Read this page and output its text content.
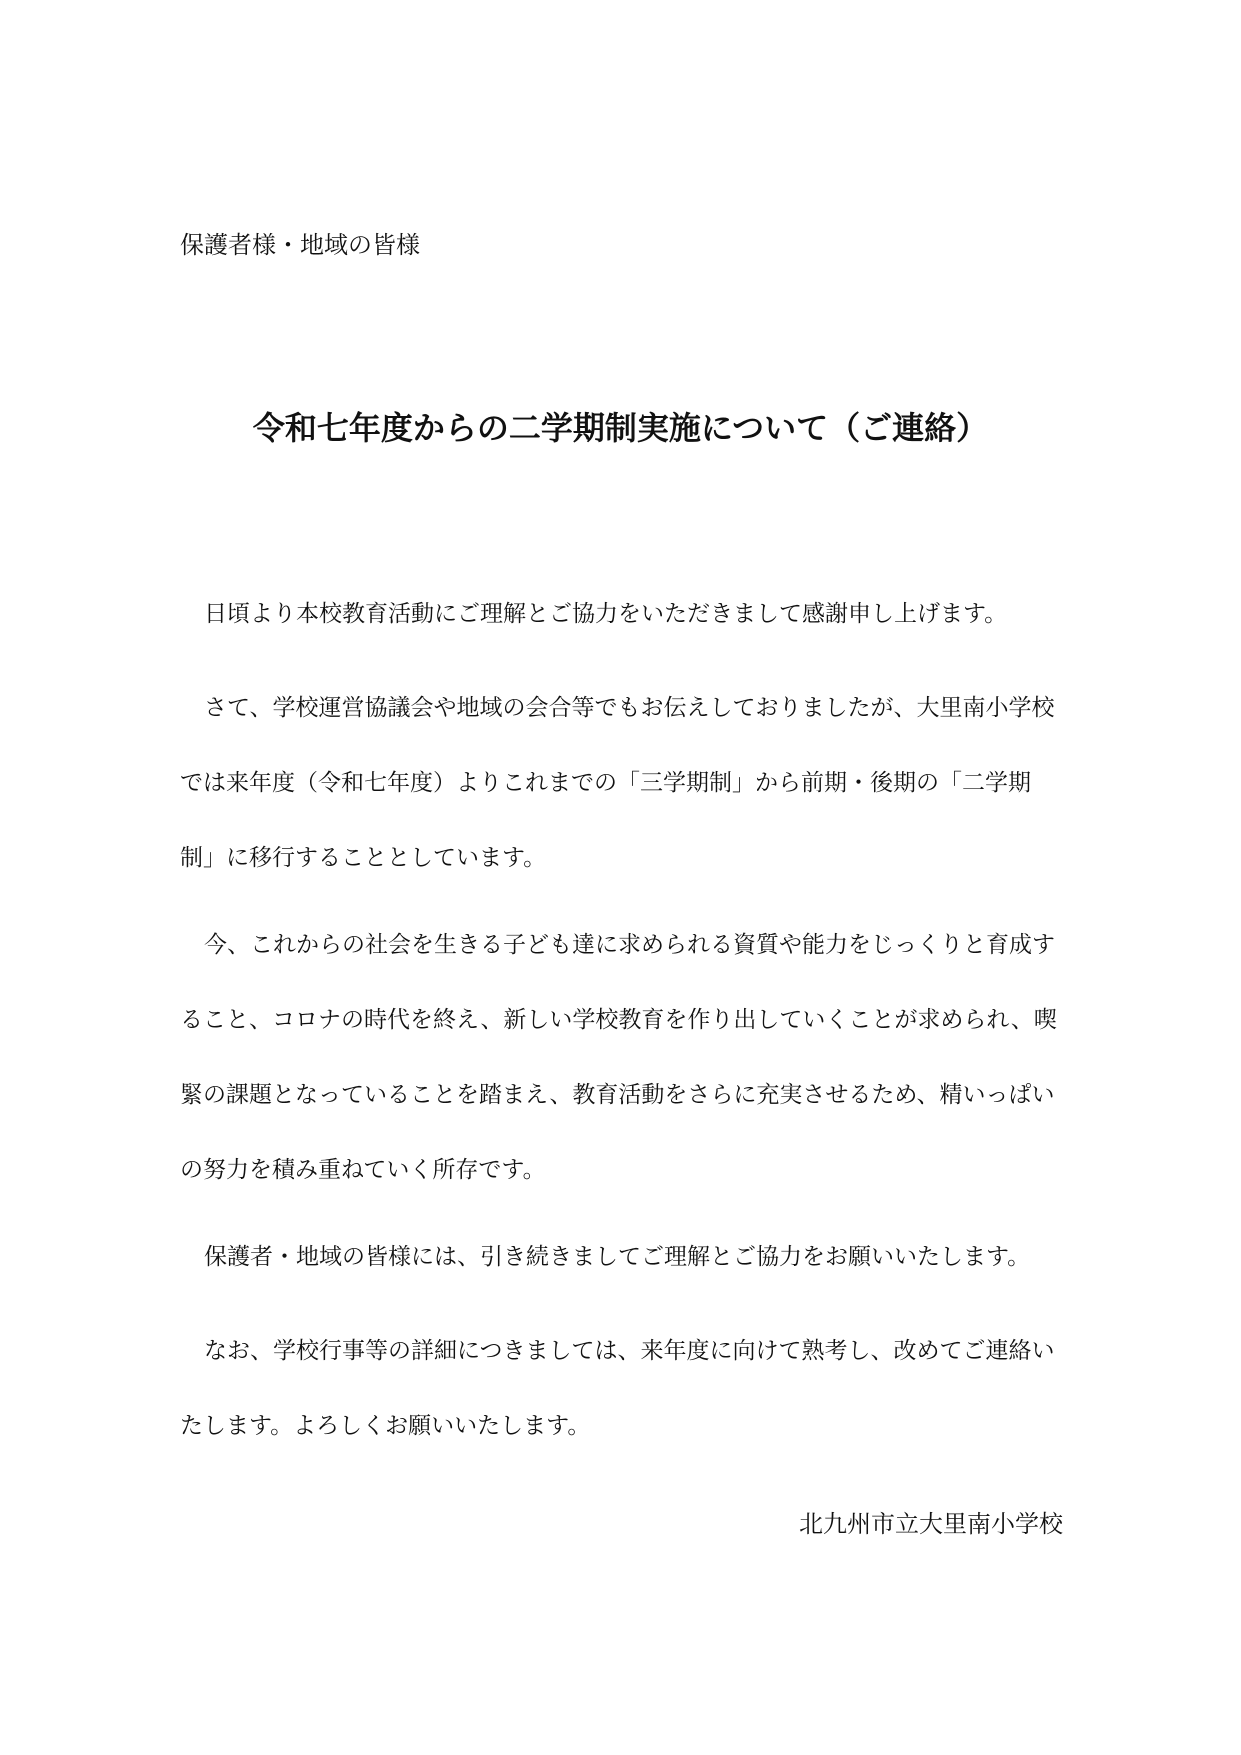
保護者様・地域の皆様
令和七年度からの二学期制実施について（ご連絡）
日頃より本校教育活動にご理解とご協力をいただきまして感謝申し上げます。
さて、学校運営協議会や地域の会合等でもお伝えしておりましたが、大里南小学校
では来年度（令和七年度）よりこれまでの「三学期制」から前期・後期の「二学期
制」に移行することとしています。
今、これからの社会を生きる子ども達に求められる資質や能力をじっくりと育成す
ること、コロナの時代を終え、新しい学校教育を作り出していくことが求められ、喫
緊の課題となっていることを踏まえ、教育活動をさらに充実させるため、精いっぱい
の努力を積み重ねていく所存です。
保護者・地域の皆様には、引き続きましてご理解とご協力をお願いいたします。
なお、学校行事等の詳細につきましては、来年度に向けて熟考し、改めてご連絡い
たします。よろしくお願いいたします。
北九州市立大里南小学校
